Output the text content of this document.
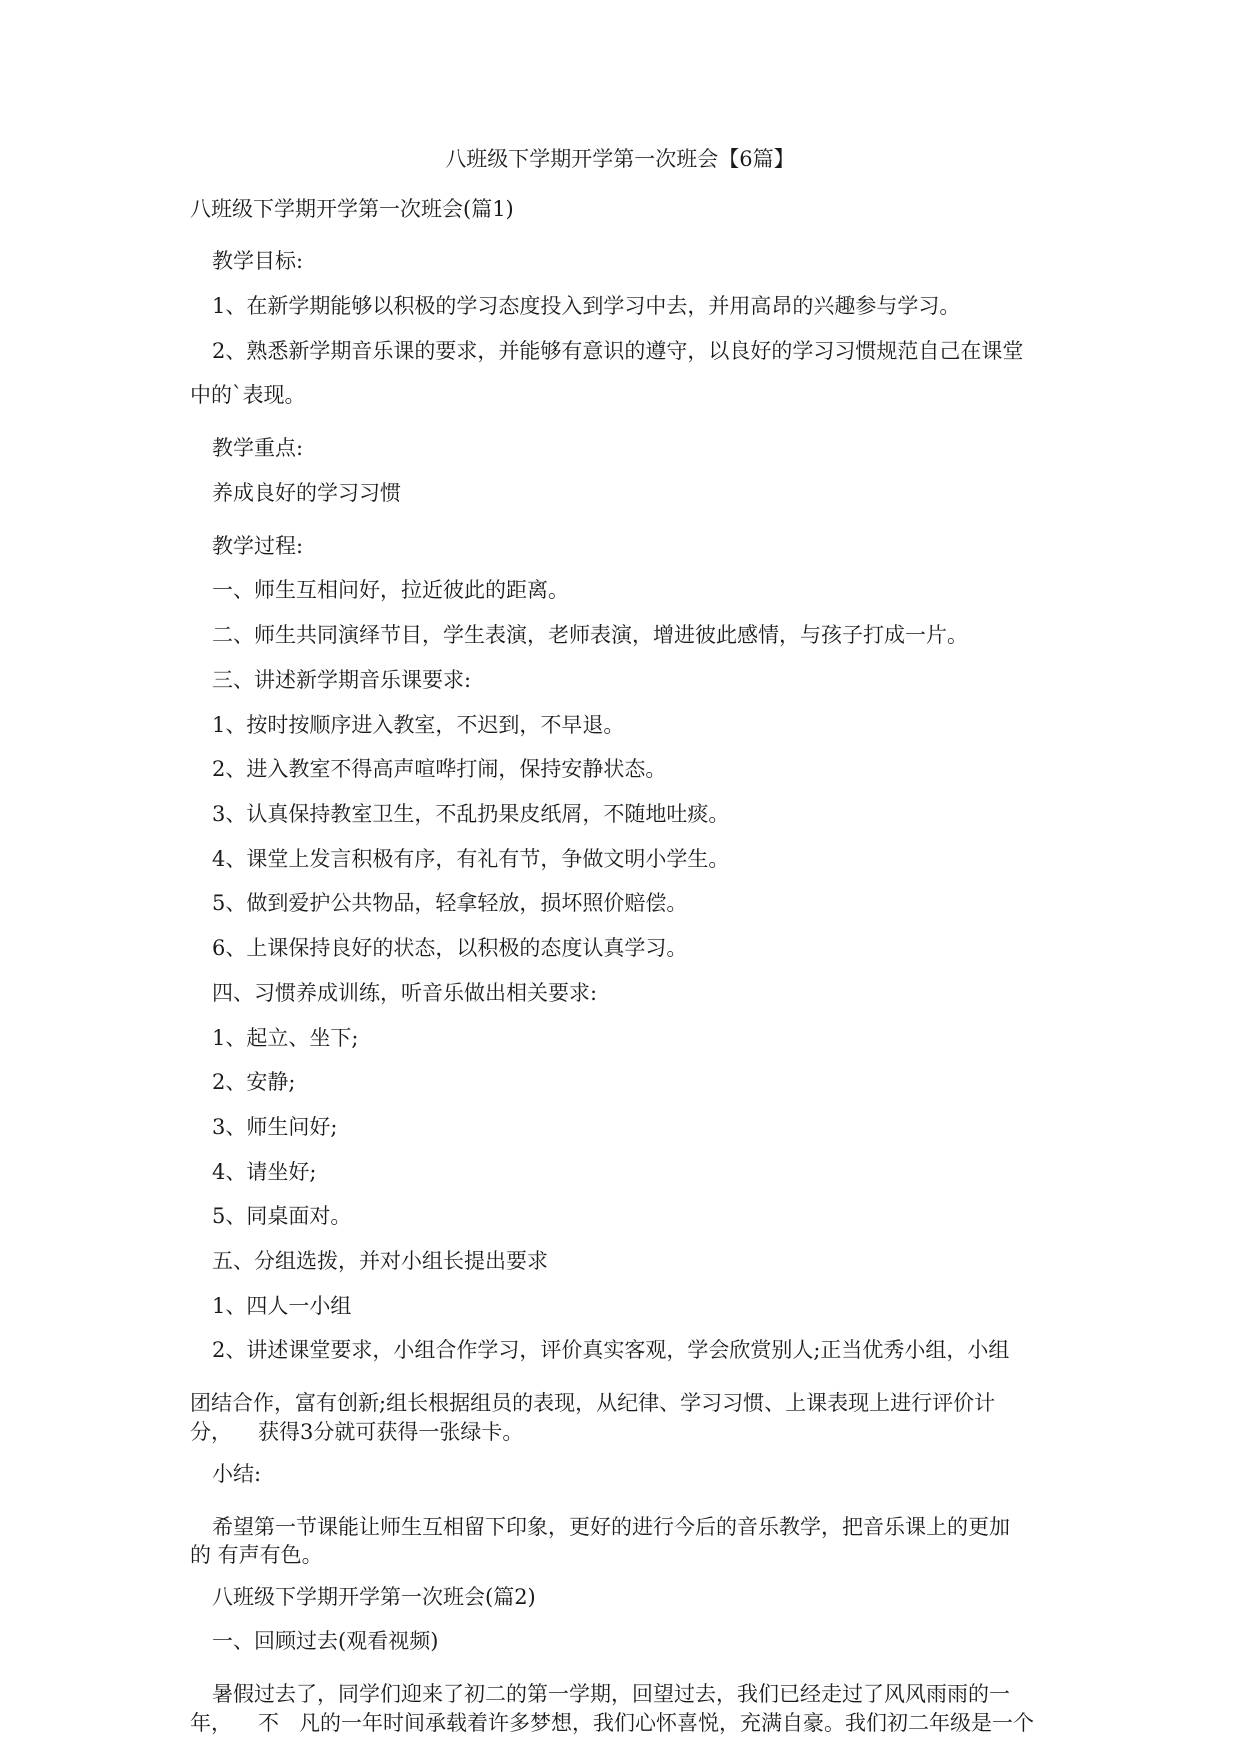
八班级下学期开学第一次班会【6篇】

八班级下学期开学第一次班会(篇1)

教学目标:

1、在新学期能够以积极的学习态度投入到学习中去，并用高昂的兴趣参与学习。

2、熟悉新学期音乐课的要求，并能够有意识的遵守，以良好的学习习惯规范自己在课堂

中的`表现。

教学重点:

养成良好的学习习惯

教学过程:

一、师生互相问好，拉近彼此的距离。

二、师生共同演绎节目，学生表演，老师表演，增进彼此感情，与孩子打成一片。

三、讲述新学期音乐课要求:

1、按时按顺序进入教室，不迟到，不早退。

2、进入教室不得高声喧哗打闹，保持安静状态。

3、认真保持教室卫生，不乱扔果皮纸屑，不随地吐痰。

4、课堂上发言积极有序，有礼有节，争做文明小学生。

5、做到爱护公共物品，轻拿轻放，损坏照价赔偿。

6、上课保持良好的状态，以积极的态度认真学习。

四、习惯养成训练，听音乐做出相关要求:

1、起立、坐下;

2、安静;

3、师生问好;

4、请坐好;

5、同桌面对。

五、分组选拨，并对小组长提出要求

1、四人一小组

2、讲述课堂要求，小组合作学习，评价真实客观，学会欣赏别人;正当优秀小组，小组

团结合作，富有创新;组长根据组员的表现，从纪律、学习习惯、上课表现上进行评价计

分， 获得3分就可获得一张绿卡。

小结:

希望第一节课能让师生互相留下印象，更好的进行今后的音乐教学，把音乐课上的更加

的 有声有色。

八班级下学期开学第一次班会(篇2)

一、回顾过去(观看视频)

暑假过去了，同学们迎来了初二的第一学期，回望过去，我们已经走过了风风雨雨的一

年， 不 凡的一年时间承载着许多梦想，我们心怀喜悦，充满自豪。我们初二年级是一个
